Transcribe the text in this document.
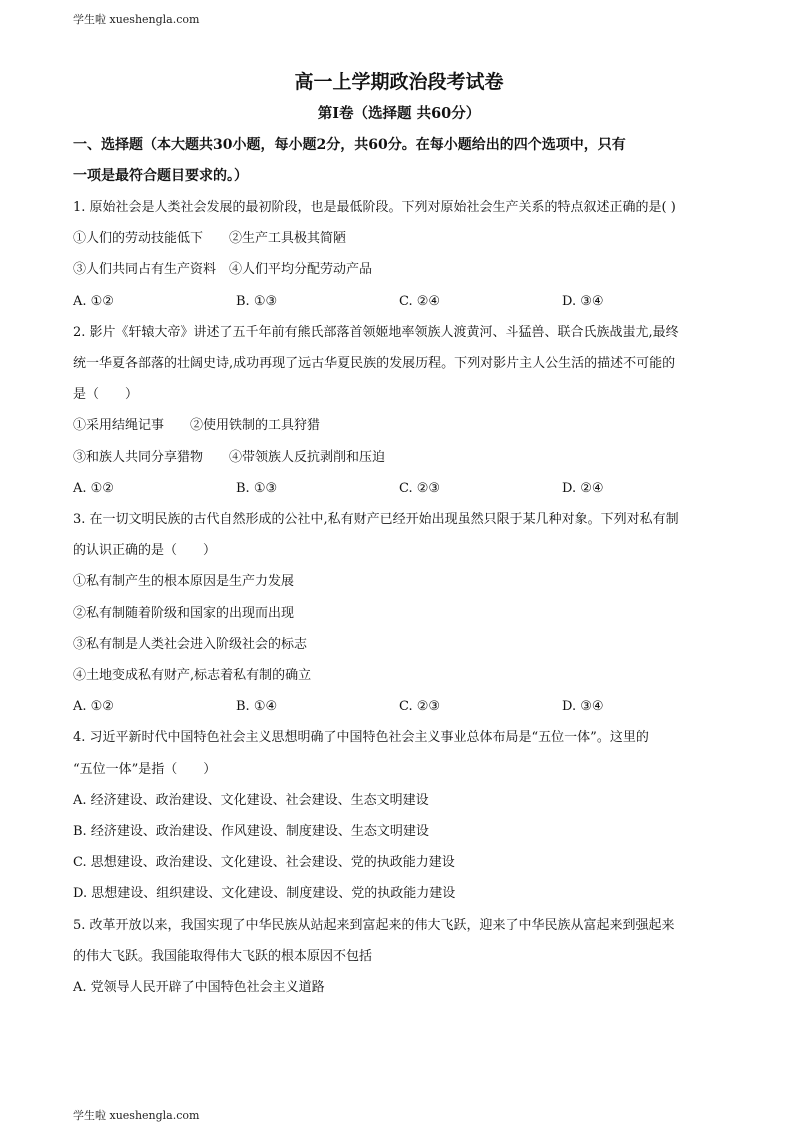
学生啦 xueshengla.com
高一上学期政治段考试卷

第Ⅰ卷（选择题 共60分）

一、选择题（本大题共30小题，每小题2分，共60分。在每小题给出的四个选项中，只有

一项是最符合题目要求的。）

1. 原始社会是人类社会发展的最初阶段，也是最低阶段。下列对原始社会生产关系的特点叙述正确的是( )

①人们的劳动技能低下　　②生产工具极其简陋

③人们共同占有生产资料　④人们平均分配劳动产品

A. ①②	B. ①③	C. ②④	D. ③④

2. 影片《轩辕大帝》讲述了五千年前有熊氏部落首领姬地率领族人渡黄河、斗猛兽、联合氏族战蚩尤,最终

统一华夏各部落的壮阔史诗,成功再现了远古华夏民族的发展历程。下列对影片主人公生活的描述不可能的

是（　　）

①采用结绳记事　　②使用铁制的工具狩猎

③和族人共同分享猎物　　④带领族人反抗剥削和压迫

A. ①②	B. ①③	C. ②③	D. ②④

3. 在一切文明民族的古代自然形成的公社中,私有财产已经开始出现虽然只限于某几种对象。下列对私有制

的认识正确的是（　　）

①私有制产生的根本原因是生产力发展

②私有制随着阶级和国家的出现而出现

③私有制是人类社会进入阶级社会的标志

④土地变成私有财产,标志着私有制的确立

A. ①②	B. ①④	C. ②③	D. ③④

4. 习近平新时代中国特色社会主义思想明确了中国特色社会主义事业总体布局是“五位一体”。这里的

“五位一体”是指（　　）

A. 经济建设、政治建设、文化建设、社会建设、生态文明建设

B. 经济建设、政治建设、作风建设、制度建设、生态文明建设

C. 思想建设、政治建设、文化建设、社会建设、党的执政能力建设

D. 思想建设、组织建设、文化建设、制度建设、党的执政能力建设

5. 改革开放以来，我国实现了中华民族从站起来到富起来的伟大飞跃，迎来了中华民族从富起来到强起来

的伟大飞跃。我国能取得伟大飞跃的根本原因不包括

A. 党领导人民开辟了中国特色社会主义道路

学生啦 xueshengla.com
